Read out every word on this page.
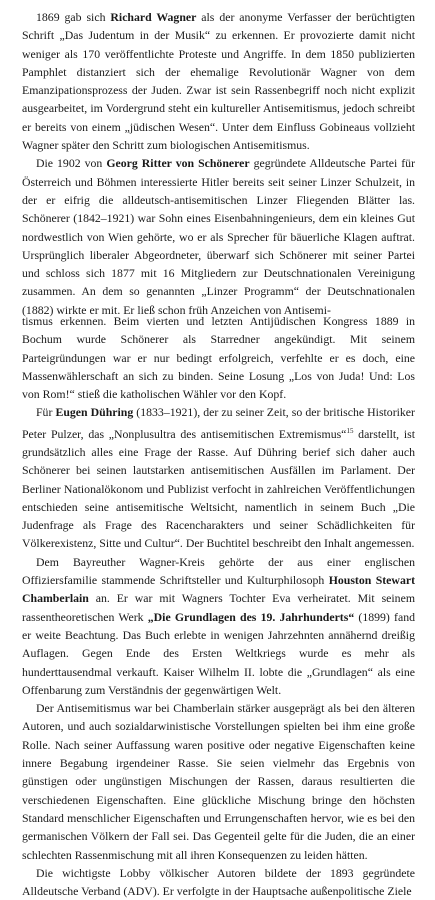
1869 gab sich Richard Wagner als der anonyme Verfasser der berüchtigten Schrift „Das Judentum in der Musik“ zu erkennen. Er provozierte damit nicht weniger als 170 veröffentlichte Proteste und Angriffe. In dem 1850 publizierten Pamphlet distanziert sich der ehemalige Revolutionär Wagner von dem Emanzipationsprozess der Juden. Zwar ist sein Rassenbegriff noch nicht explizit ausgearbeitet, im Vordergrund steht ein kultureller Antisemitismus, jedoch schreibt er bereits von einem „jüdischen Wesen“. Unter dem Einfluss Gobineaus vollzieht Wagner später den Schritt zum biologischen Antisemitismus.

Die 1902 von Georg Ritter von Schönerer gegründete Alldeutsche Partei für Österreich und Böhmen interessierte Hitler bereits seit seiner Linzer Schulzeit, in der er eifrig die alldeutsch-antisemitischen Linzer Fliegenden Blätter las. Schönerer (1842–1921) war Sohn eines Eisenbahningenieurs, dem ein kleines Gut nordwestlich von Wien gehörte, wo er als Sprecher für bäuerliche Klagen auftrat. Ursprünglich liberaler Abgeordneter, überwarf sich Schönerer mit seiner Partei und schloss sich 1877 mit 16 Mitgliedern zur Deutschnationalen Vereinigung zusammen. An dem so genannten „Linzer Programm“ der Deutschnationalen (1882) wirkte er mit. Er ließ schon früh Anzeichen von Antisemi-

tismus erkennen. Beim vierten und letzten Antijüdischen Kongress 1889 in Bochum wurde Schönerer als Starredner angekündigt. Mit seinem Parteigründungen war er nur bedingt erfolgreich, verfehlte er es doch, eine Massenwählerschaft an sich zu binden. Seine Losung „Los von Juda! Und: Los von Rom!“ stieß die katholischen Wähler vor den Kopf.

Für Eugen Dühring (1833–1921), der zu seiner Zeit, so der britische Historiker Peter Pulzer, das „Nonplusultra des antisemitischen Extremismus“$^{15}$ darstellt, ist grundsätzlich alles eine Frage der Rasse. Auf Dühring berief sich daher auch Schönerer bei seinen lautstarken antisemitischen Ausfällen im Parlament. Der Berliner Nationalökonom und Publizist verfocht in zahlreichen Veröffentlichungen entschieden seine antisemitische Weltsicht, namentlich in seinem Buch „Die Judenfrage als Frage des Racencharakters und seiner Schädlichkeiten für Völkerexistenz, Sitte und Cultur“. Der Buchtitel beschreibt den Inhalt angemessen.

Dem Bayreuther Wagner-Kreis gehörte der aus einer englischen Offiziersfamilie stammende Schriftsteller und Kulturphilosoph Houston Stewart Chamberlain an. Er war mit Wagners Tochter Eva verheiratet. Mit seinem rassentheoretischen Werk „Die Grundlagen des 19. Jahrhunderts“ (1899) fand er weite Beachtung. Das Buch erlebte in wenigen Jahrzehnten annähernd dreißig Auflagen. Gegen Ende des Ersten Weltkriegs wurde es mehr als hunderttausendmal verkauft. Kaiser Wilhelm II. lobte die „Grundlagen“ als eine Offenbarung zum Verständnis der gegenwärtigen Welt.

Der Antisemitismus war bei Chamberlain stärker ausgeprägt als bei den älteren Autoren, und auch sozialdarwinistische Vorstellungen spielten bei ihm eine große Rolle. Nach seiner Auffassung waren positive oder negative Eigenschaften keine innere Begabung irgendeiner Rasse. Sie seien vielmehr das Ergebnis von günstigen oder ungünstigen Mischungen der Rassen, daraus resultierten die verschiedenen Eigenschaften. Eine glückliche Mischung bringe den höchsten Standard menschlicher Eigenschaften und Errungenschaften hervor, wie es bei den germanischen Völkern der Fall sei. Das Gegenteil gelte für die Juden, die an einer schlechten Rassenmischung mit all ihren Konsequenzen zu leiden hätten.

Die wichtigste Lobby völkischer Autoren bildete der 1893 gegründete Alldeutsche Verband (ADV). Er verfolgte in der Hauptsache außenpolitische Ziele
